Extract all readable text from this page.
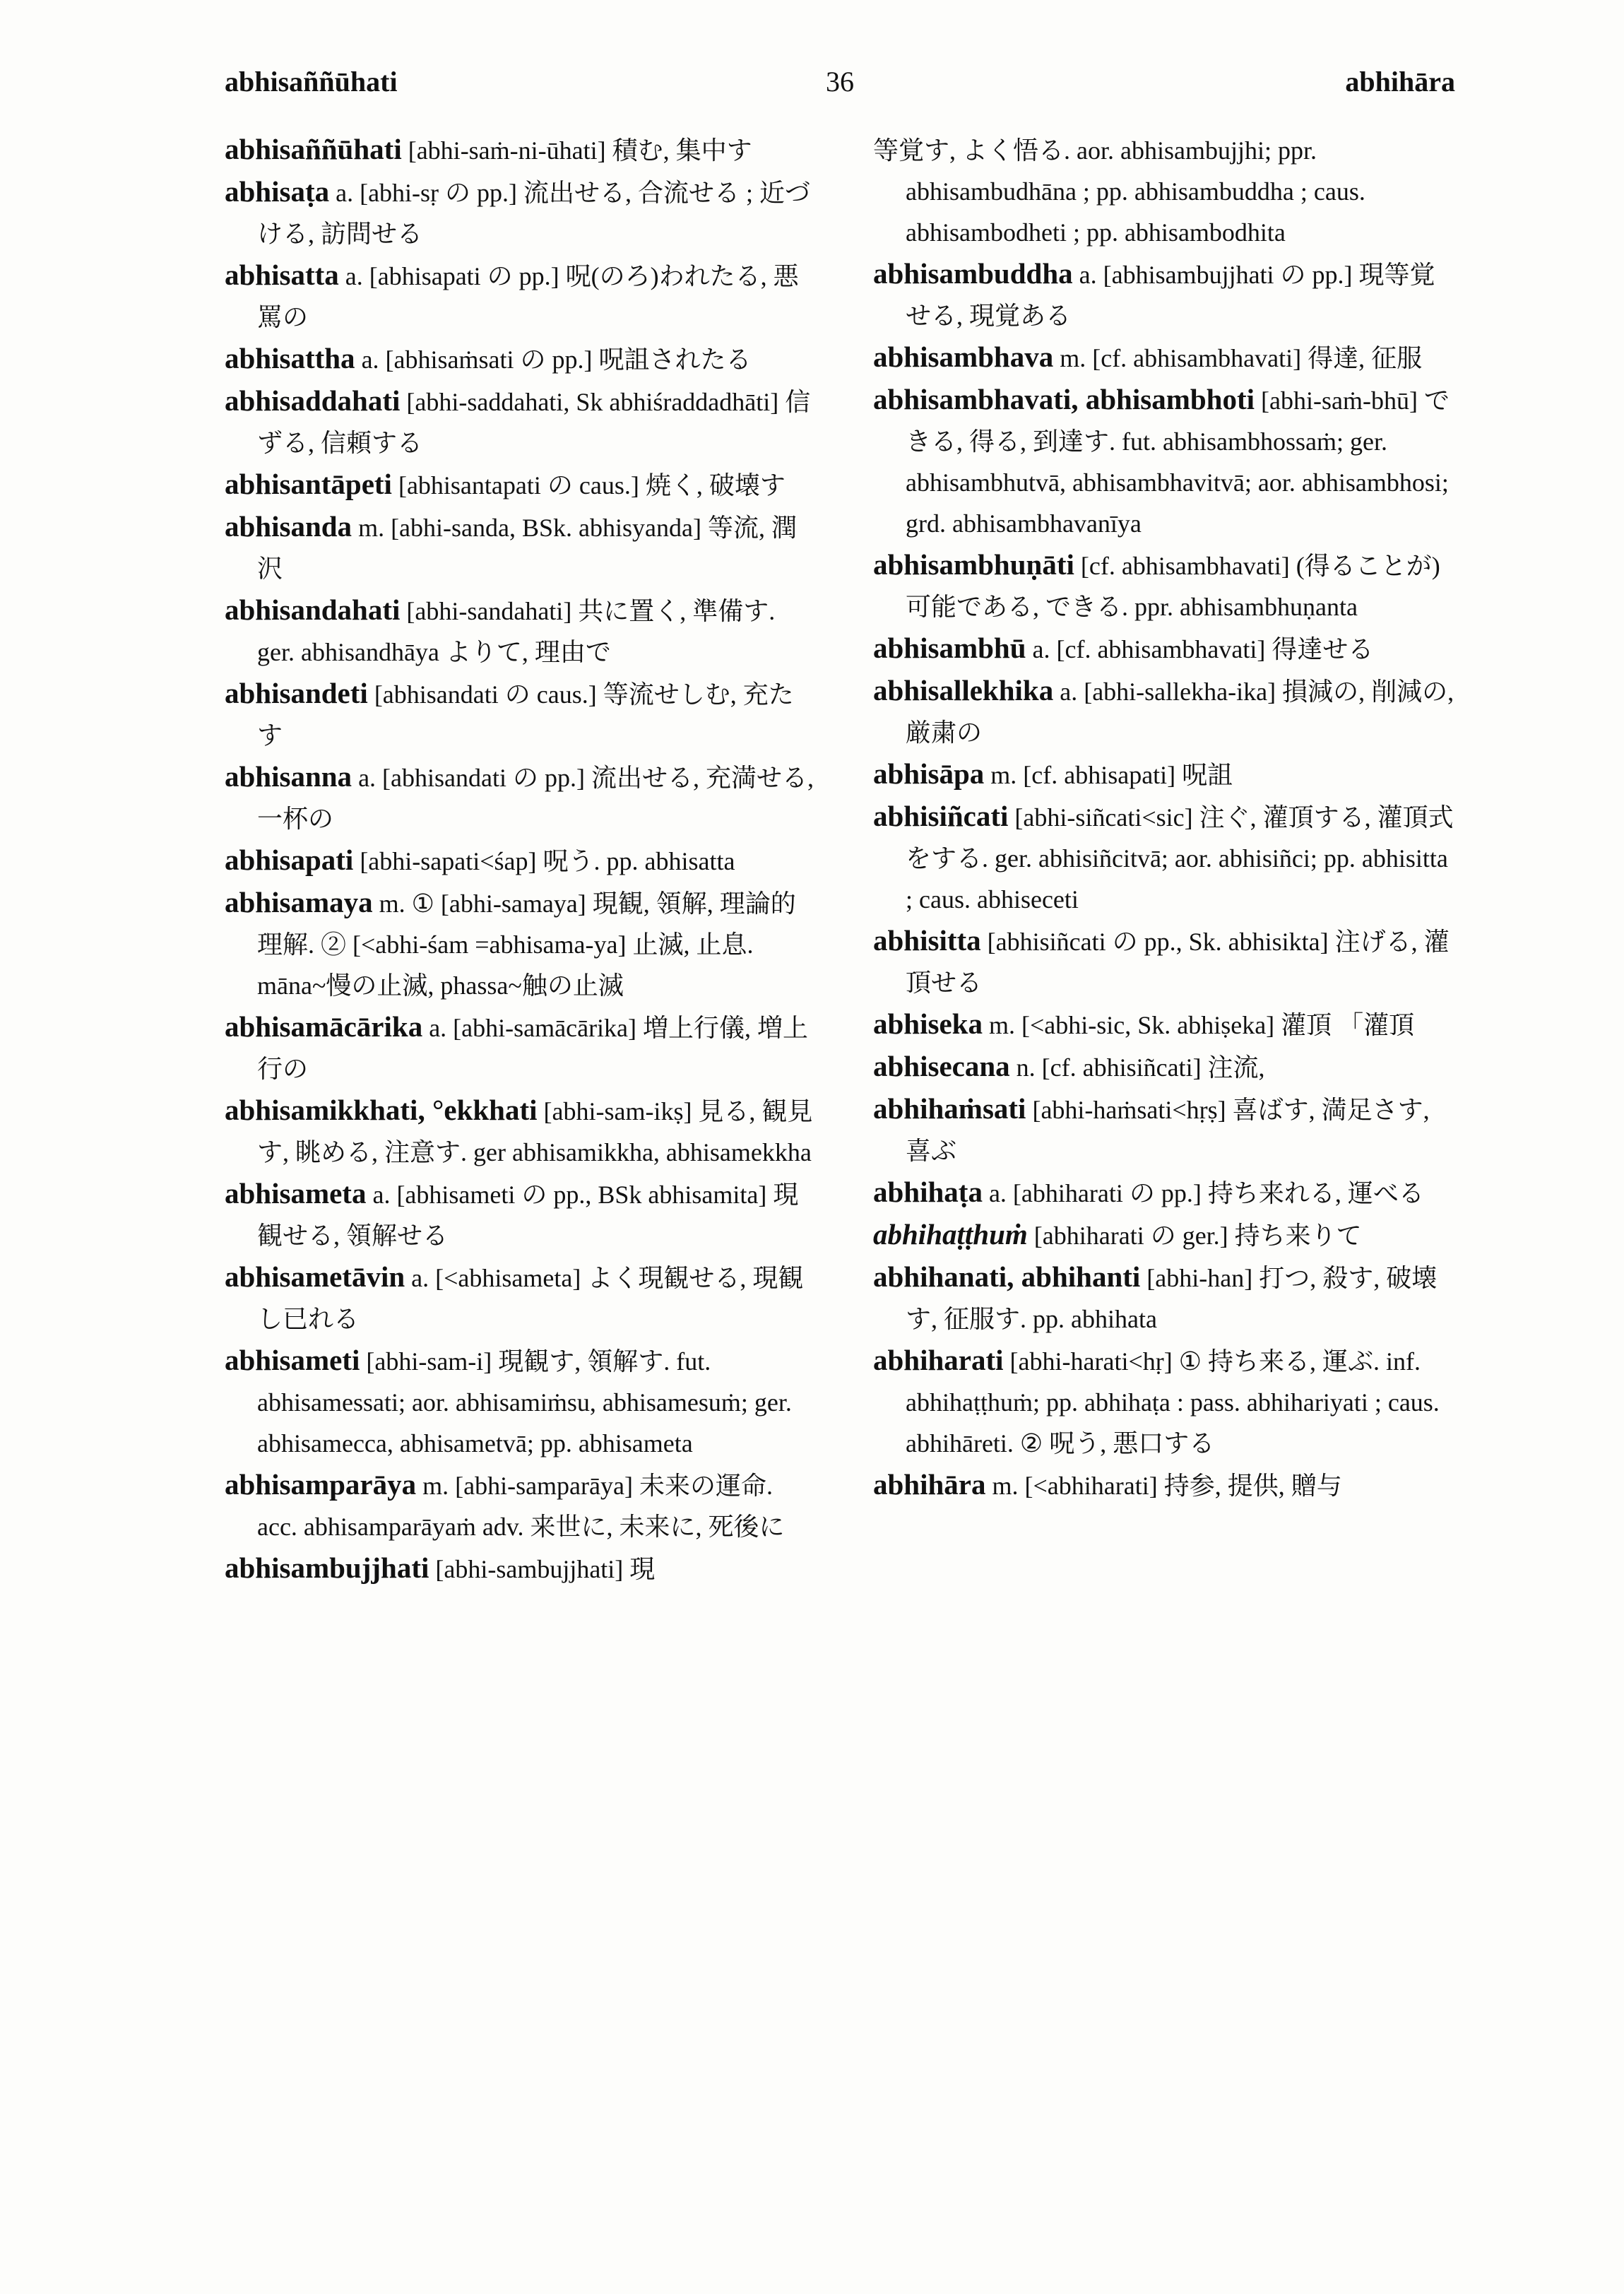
abhisaññūhati	36	abhihāra

abhisaññūhati [abhi-saṁ-ni-ūhati] 積む, 集中す

abhisaṭa a. [abhi-sṛ の pp.] 流出せる, 合流せる ; 近づける, 訪問せる

abhisatta a. [abhisapati の pp.] 呪(のろ)われたる, 悪罵の

abhisattha a. [abhisaṁsati の pp.] 呪詛されたる

abhisaddahati [abhi-saddahati, Sk abhiśraddadhāti] 信ずる, 信頼する

abhisantāpeti [abhisantapati の caus.] 焼く, 破壊す

abhisanda m. [abhi-sanda, BSk. abhisyanda] 等流, 潤沢

abhisandahati [abhi-sandahati] 共に置く, 準備す. ger. abhisandhāya よりて, 理由で

abhisandeti [abhisandati の caus.] 等流せしむ, 充たす

abhisanna a. [abhisandati の pp.] 流出せる, 充満せる, 一杯の

abhisapati [abhi-sapati<śap] 呪う. pp. abhisatta

abhisamaya m. ① [abhi-samaya] 現観, 領解, 理論的理解. ② [<abhi-śam =abhisama-ya] 止滅, 止息. māna~慢の止滅, phassa~触の止滅

abhisamācārika a. [abhi-samācārika] 増上行儀, 増上行の

abhisamikkhati, °ekkhati [abhi-sam-ikṣ] 見る, 観見す, 眺める, 注意す. ger abhisamikkha, abhisamekkha

abhisameta a. [abhisameti の pp., BSk abhisamita] 現観せる, 領解せる

abhisametāvin a. [<abhisameta] よく現観せる, 現観し已れる

abhisameti [abhi-sam-i] 現観す, 領解す. fut. abhisamessati; aor. abhisamiṁsu, abhisamesuṁ; ger. abhisamecca, abhisametvā; pp. abhisameta

abhisamparāya m. [abhi-samparāya] 未来の運命. acc. abhisamparāyaṁ adv. 来世に, 未来に, 死後に

abhisambujjhati [abhi-sambujjhati] 現

等覚す, よく悟る. aor. abhisambujjhi; ppr. abhisambudhāna ; pp. abhisambuddha ; caus. abhisambodheti ; pp. abhisambodhita

abhisambuddha a. [abhisambujjhati の pp.] 現等覚せる, 現覚ある

abhisambhava m. [cf. abhisambhavati] 得達, 征服

abhisambhavati, abhisambhoti [abhi-saṁ-bhū] できる, 得る, 到達す. fut. abhisambhossaṁ; ger. abhisambhutvā, abhisambhavitvā; aor. abhisambhosi; grd. abhisambhavanīya

abhisambhuṇāti [cf. abhisambhavati] (得ることが)可能である, できる. ppr. abhisambhuṇanta

abhisambhū a. [cf. abhisambhavati] 得達せる

abhisallekhika a. [abhi-sallekha-ika] 損減の, 削減の, 厳粛の

abhisāpa m. [cf. abhisapati] 呪詛

abhisiñcati [abhi-siñcati<sic] 注ぐ, 灌頂する, 灌頂式をする. ger. abhisiñcitvā; aor. abhisiñci; pp. abhisitta ; caus. abhiseceti

abhisitta [abhisiñcati の pp., Sk. abhisikta] 注げる, 灌頂せる

abhiseka m. [<abhi-sic, Sk. abhiṣeka] 灌頂 「灌頂

abhisecana n. [cf. abhisiñcati] 注流,

abhihaṁsati [abhi-haṁsati<hṛṣ] 喜ばす, 満足さす, 喜ぶ

abhihaṭa a. [abhiharati の pp.] 持ち来れる, 運べる

abhihaṭṭhuṁ [abhiharati の ger.] 持ち来りて

abhihanati, abhihanti [abhi-han] 打つ, 殺す, 破壊す, 征服す. pp. abhihata

abhiharati [abhi-harati<hṛ] ① 持ち来る, 運ぶ. inf. abhihaṭṭhuṁ; pp. abhihaṭa : pass. abhihariyati ; caus. abhihāreti. ② 呪う, 悪口する

abhihāra m. [<abhiharati] 持参, 提供, 贈与
